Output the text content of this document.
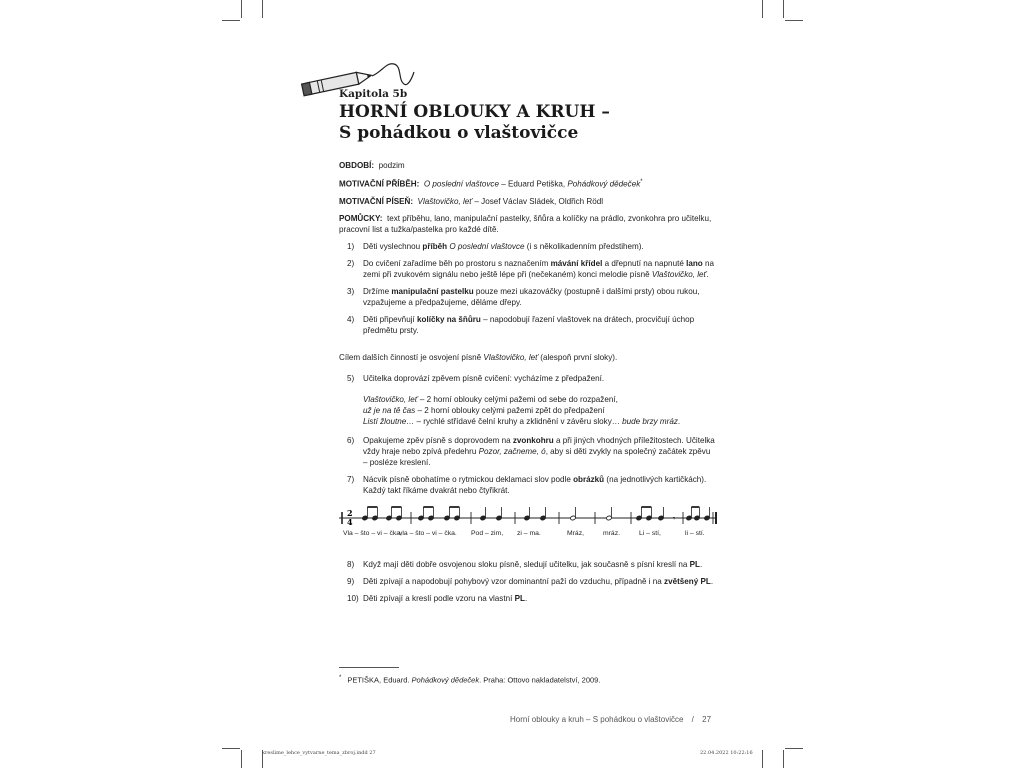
Kapitola 5b
HORNÍ OBLOUKY A KRUH –
S pohádkou o vlaštovičce

OBDOBÍ: podzim

MOTIVAČNÍ PŘÍBĚH: O poslední vlaštovce – Eduard Petiška, Pohádkový dědeček*

MOTIVAČNÍ PÍSEŇ: Vlaštovičko, leť – Josef Václav Sládek, Oldřich Rödl

POMŮCKY: text příběhu, lano, manipulační pastelky, šňůra a kolíčky na prádlo, zvonkohra pro učitelku, pracovní list a tužka/pastelka pro každé dítě.

1) Děti vyslechnou příběh O poslední vlaštovce (i s několikadenním předstihem).
2) Do cvičení zařadíme běh po prostoru s naznačením mávání křídel a dřepnutí na napnuté lano na zemi při zvukovém signálu nebo ještě lépe při (nečekaném) konci melodie písně Vlaštovičko, leť.
3) Držíme manipulační pastelku pouze mezi ukazováčky (postupně i dalšími prsty) obou rukou, vzpažujeme a předpažujeme, děláme dřepy.
4) Děti připevňují kolíčky na šňůru – napodobují řazení vlaštovek na drátech, procvičují úchop předmětu prsty.
Cílem dalších činností je osvojení písně Vlaštovičko, leť (alespoň první sloky).
5) Učitelka doprovází zpěvem písně cvičení: vycházíme z předpažení.
Vlaštovičko, leť – 2 horní oblouky celými pažemi od sebe do rozpažení,
už je na tě čas – 2 horní oblouky celými pažemi zpět do předpažení
Listí žloutne… – rychlé střídavé čelní kruhy a zklidnění v závěru sloky… bude brzy mráz.
6) Opakujeme zpěv písně s doprovodem na zvonkohru a při jiných vhodných příležitostech. Učitelka vždy hraje nebo zpívá předehru Pozor, začneme, ó, aby si děti zvykly na společný začátek zpěvu – posléze kreslení.
7) Nácvik písně obohatíme o rytmickou deklamaci slov podle obrázků (na jednotlivých kartičkách). Každý takt říkáme dvakrát nebo čtyřikrát.
2
4	𝄾
Vla – što – vi – čka,
vla – što – vi – čka. Pod – zim, zi – ma.	Mráz,	mráz.	Li – stí,	li – stí.
8) Když mají děti dobře osvojenou sloku písně, sledují učitelku, jak současně s písní kreslí na PL.
9) Děti zpívají a napodobují pohybový vzor dominantní paží do vzduchu, případně i na zvětšený PL.
10) Děti zpívají a kreslí podle vzoru na vlastní PL.
* PETIŠKA, Eduard. Pohádkový dědeček. Praha: Ottovo nakladatelství, 2009.
Horní oblouky a kruh – S pohádkou o vlaštovičce / 27
kreslime_lehce_vytvarne_tema_zbroj.indd 27	22.04.2022 10:22:16
